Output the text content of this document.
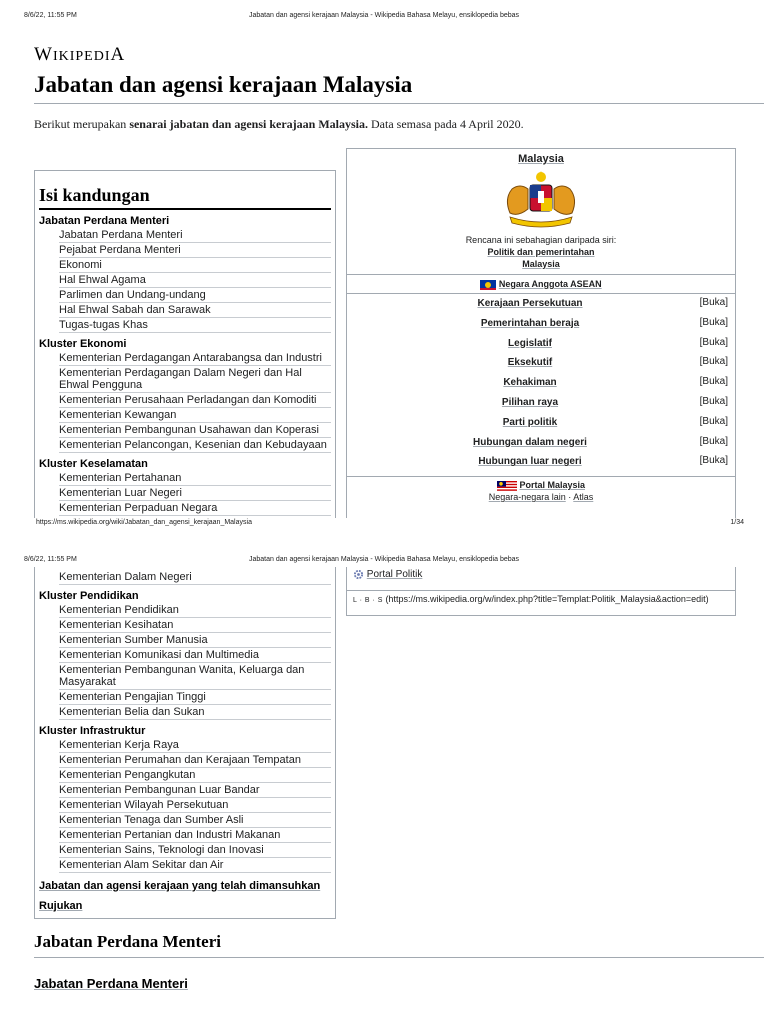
8/6/22, 11:55 PM	Jabatan dan agensi kerajaan Malaysia - Wikipedia Bahasa Melayu, ensiklopedia bebas
WIKIPEDIA
Jabatan dan agensi kerajaan Malaysia
Berikut merupakan senarai jabatan dan agensi kerajaan Malaysia. Data semasa pada 4 April 2020.
Isi kandungan
Jabatan Perdana Menteri
Jabatan Perdana Menteri
Pejabat Perdana Menteri
Ekonomi
Hal Ehwal Agama
Parlimen dan Undang-undang
Hal Ehwal Sabah dan Sarawak
Tugas-tugas Khas
Kluster Ekonomi
Kementerian Perdagangan Antarabangsa dan Industri
Kementerian Perdagangan Dalam Negeri dan Hal Ehwal Pengguna
Kementerian Perusahaan Perladangan dan Komoditi
Kementerian Kewangan
Kementerian Pembangunan Usahawan dan Koperasi
Kementerian Pelancongan, Kesenian dan Kebudayaan
Kluster Keselamatan
Kementerian Pertahanan
Kementerian Luar Negeri
Kementerian Perpaduan Negara
Malaysia
Rencana ini sebahagian daripada siri:
Politik dan pemerintahan
Malaysia
Negara Anggota ASEAN
Kerajaan Persekutuan	[Buka]
Pemerintahan beraja	[Buka]
Legislatif	[Buka]
Eksekutif	[Buka]
Kehakiman	[Buka]
Pilihan raya	[Buka]
Parti politik	[Buka]
Hubungan dalam negeri	[Buka]
Hubungan luar negeri	[Buka]
Portal Malaysia
Negara-negara lain · Atlas
https://ms.wikipedia.org/wiki/Jabatan_dan_agensi_kerajaan_Malaysia	1/34
8/6/22, 11:55 PM	Jabatan dan agensi kerajaan Malaysia - Wikipedia Bahasa Melayu, ensiklopedia bebas
Kementerian Dalam Negeri
Kluster Pendidikan
Kementerian Pendidikan
Kementerian Kesihatan
Kementerian Sumber Manusia
Kementerian Komunikasi dan Multimedia
Kementerian Pembangunan Wanita, Keluarga dan Masyarakat
Kementerian Pengajian Tinggi
Kementerian Belia dan Sukan
Kluster Infrastruktur
Kementerian Kerja Raya
Kementerian Perumahan dan Kerajaan Tempatan
Kementerian Pengangkutan
Kementerian Pembangunan Luar Bandar
Kementerian Wilayah Persekutuan
Kementerian Tenaga dan Sumber Asli
Kementerian Pertanian dan Industri Makanan
Kementerian Sains, Teknologi dan Inovasi
Kementerian Alam Sekitar dan Air
Jabatan dan agensi kerajaan yang telah dimansuhkan
Rujukan
Portal Politik
L · B · S (https://ms.wikipedia.org/w/index.php?title=Templat:Politik_Malaysia&action=edit)
Jabatan Perdana Menteri
Jabatan Perdana Menteri
